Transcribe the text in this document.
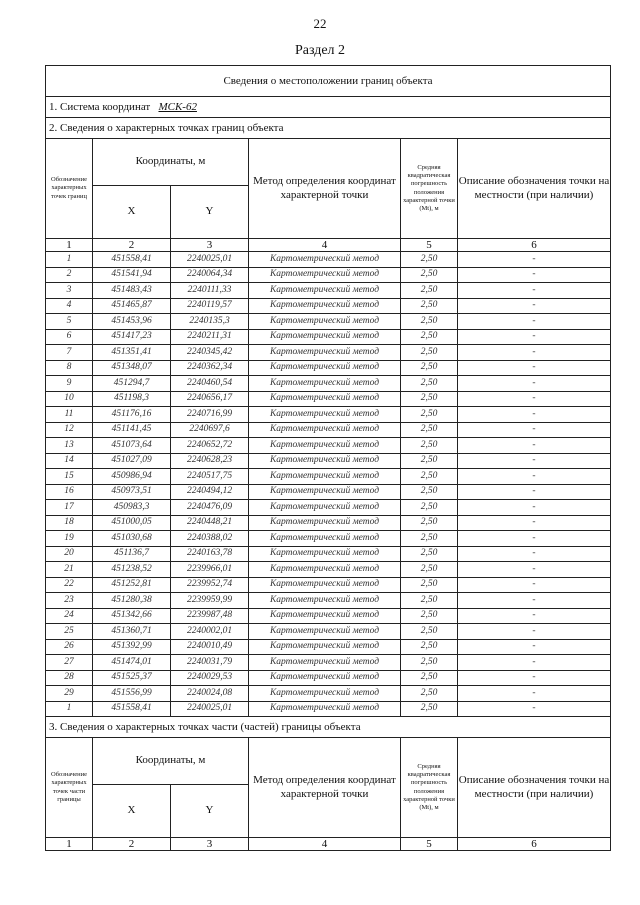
22
Раздел 2
Сведения о местоположении границ объекта					
1. Система координат МСК-62					
2. Сведения о характерных точках границ объекта					
Обозначение характерных точек границ	Координаты, м		Метод определения координат характерной точки	Средняя квадратическая погрешность положения характерной точки (Mt), м	Описание обозначения точки на местности (при наличии)
	X	Y			
1	2	3	4	5	6
1	451558,41	2240025,01	Картометрический метод	2,50	-
2	451541,94	2240064,34	Картометрический метод	2,50	-
3	451483,43	2240111,33	Картометрический метод	2,50	-
4	451465,87	2240119,57	Картометрический метод	2,50	-
5	451453,96	2240135,3	Картометрический метод	2,50	-
6	451417,23	2240211,31	Картометрический метод	2,50	-
7	451351,41	2240345,42	Картометрический метод	2,50	-
8	451348,07	2240362,34	Картометрический метод	2,50	-
9	451294,7	2240460,54	Картометрический метод	2,50	-
10	451198,3	2240656,17	Картометрический метод	2,50	-
11	451176,16	2240716,99	Картометрический метод	2,50	-
12	451141,45	2240697,6	Картометрический метод	2,50	-
13	451073,64	2240652,72	Картометрический метод	2,50	-
14	451027,09	2240628,23	Картометрический метод	2,50	-
15	450986,94	2240517,75	Картометрический метод	2,50	-
16	450973,51	2240494,12	Картометрический метод	2,50	-
17	450983,3	2240476,09	Картометрический метод	2,50	-
18	451000,05	2240448,21	Картометрический метод	2,50	-
19	451030,68	2240388,02	Картометрический метод	2,50	-
20	451136,7	2240163,78	Картометрический метод	2,50	-
21	451238,52	2239966,01	Картометрический метод	2,50	-
22	451252,81	2239952,74	Картометрический метод	2,50	-
23	451280,38	2239959,99	Картометрический метод	2,50	-
24	451342,66	2239987,48	Картометрический метод	2,50	-
25	451360,71	2240002,01	Картометрический метод	2,50	-
26	451392,99	2240010,49	Картометрический метод	2,50	-
27	451474,01	2240031,79	Картометрический метод	2,50	-
28	451525,37	2240029,53	Картометрический метод	2,50	-
29	451556,99	2240024,08	Картометрический метод	2,50	-
1	451558,41	2240025,01	Картометрический метод	2,50	-
3. Сведения о характерных точках части (частей) границы объекта					
Обозначение характерных точек части границы	Координаты, м		Метод определения координат характерной точки	Средняя квадратическая погрешность положения характерной точки (Mt), м	Описание обозначения точки на местности (при наличии)
	X	Y			
1	2	3	4	5	6
